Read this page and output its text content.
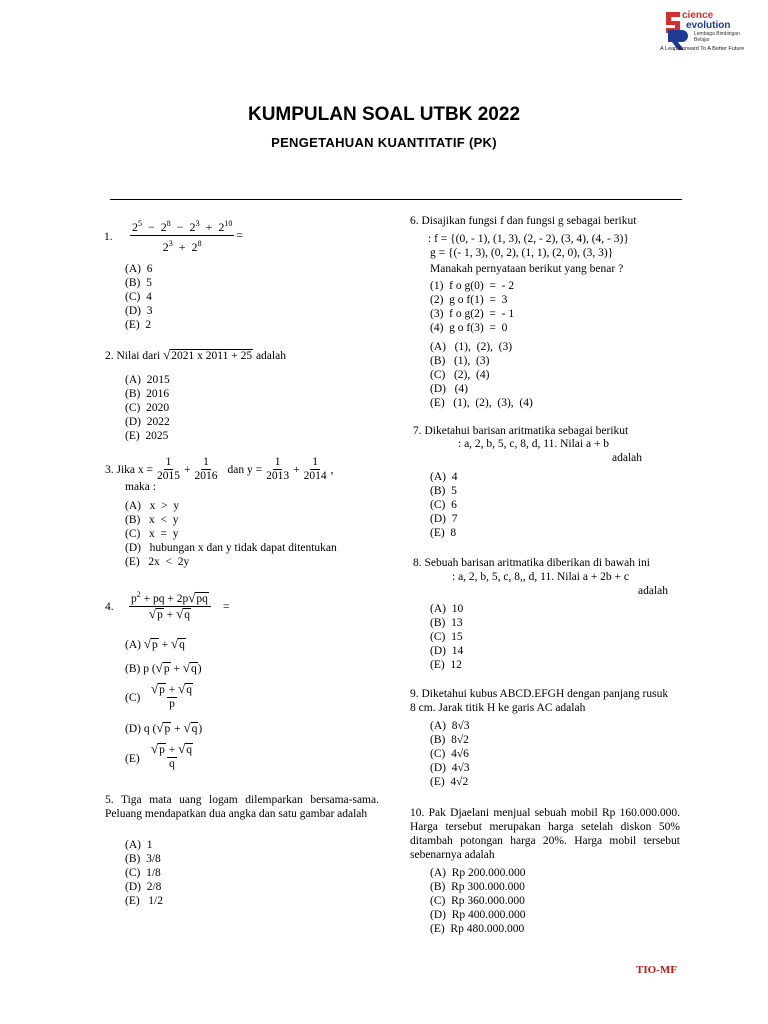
cience
evolution
Lembaga Bimbingan
Belajar
A Leap Forward To A Better Future
KUMPULAN SOAL UTBK 2022
PENGETAHUAN KUANTITATIF (PK)
1. $\frac{2^5 - 2^8 - 2^3 + 2^{10}}{2^3 + 2^8}$ =
(A)  6
(B)  5
(C)  4
(D)  3
(E)  2
2. Nilai dari √2021 x 2011 + 25 adalah
(A)  2015
(B)  2016
(C)  2020
(D)  2022
(E)  2025
3. Jika $x = \frac{1}{2015} + \frac{1}{2016}$ dan $y = \frac{1}{2013} + \frac{1}{2014}$ ,
maka :
(A)   x  >  y
(B)   x  <  y
(C)   x  =  y
(D)   hubungan x dan y tidak dapat ditentukan
(E)   2x  <  2y
4. $\frac{p^2 + pq + 2p√pq}{√p + √q}$ =
(A) √p + √q
(B) p (√p + √q)
$(C) \frac{√p + √q}{p}$
(D) q (√p + √q)
$(E) \frac{√p + √q}{q}$
5. Tiga mata uang logam dilemparkan bersama-sama. Peluang mendapatkan dua angka dan satu gambar adalah
(A)  1
(B)  3/8
(C)  1/8
(D)  2/8
(E)   1/2
6. Disajikan fungsi f dan fungsi g sebagai berikut
: f = {(0, - 1), (1, 3), (2, - 2), (3, 4), (4, - 3)}
g = {(- 1, 3), (0, 2), (1, 1), (2, 0), (3, 3)}
Manakah pernyataan berikut yang benar ?
(1)  f o g(0)  =  - 2
(2)  g o f(1)  =  3
(3)  f o g(2)  =  - 1
(4)  g o f(3)  =  0
(A)   (1),  (2),  (3)
(B)   (1),  (3)
(C)   (2),  (4)
(D)   (4)
(E)   (1),  (2),  (3),  (4)
7. Diketahui barisan aritmatika sebagai berikut
: a, 2, b, 5, c, 8, d, 11. Nilai a + b
adalah
(A)  4
(B)  5
(C)  6
(D)  7
(E)  8
8. Sebuah barisan aritmatika diberikan di bawah ini
: a, 2, b, 5, c, 8,, d, 11. Nilai a + 2b + c
adalah
(A)  10
(B)  13
(C)  15
(D)  14
(E)  12
9. Diketahui kubus ABCD.EFGH dengan panjang rusuk 8 cm. Jarak titik H ke garis AC adalah
(A)  8√3
(B)  8√2
(C)  4√6
(D)  4√3
(E)  4√2
10. Pak Djaelani menjual sebuah mobil Rp 160.000.000. Harga tersebut merupakan harga setelah diskon 50% ditambah potongan harga 20%. Harga mobil tersebut sebenarnya adalah
(A)  Rp 200.000.000
(B)  Rp 300.000.000
(C)  Rp 360.000.000
(D)  Rp 400.000.000
(E)  Rp 480.000.000
TIO-MF
